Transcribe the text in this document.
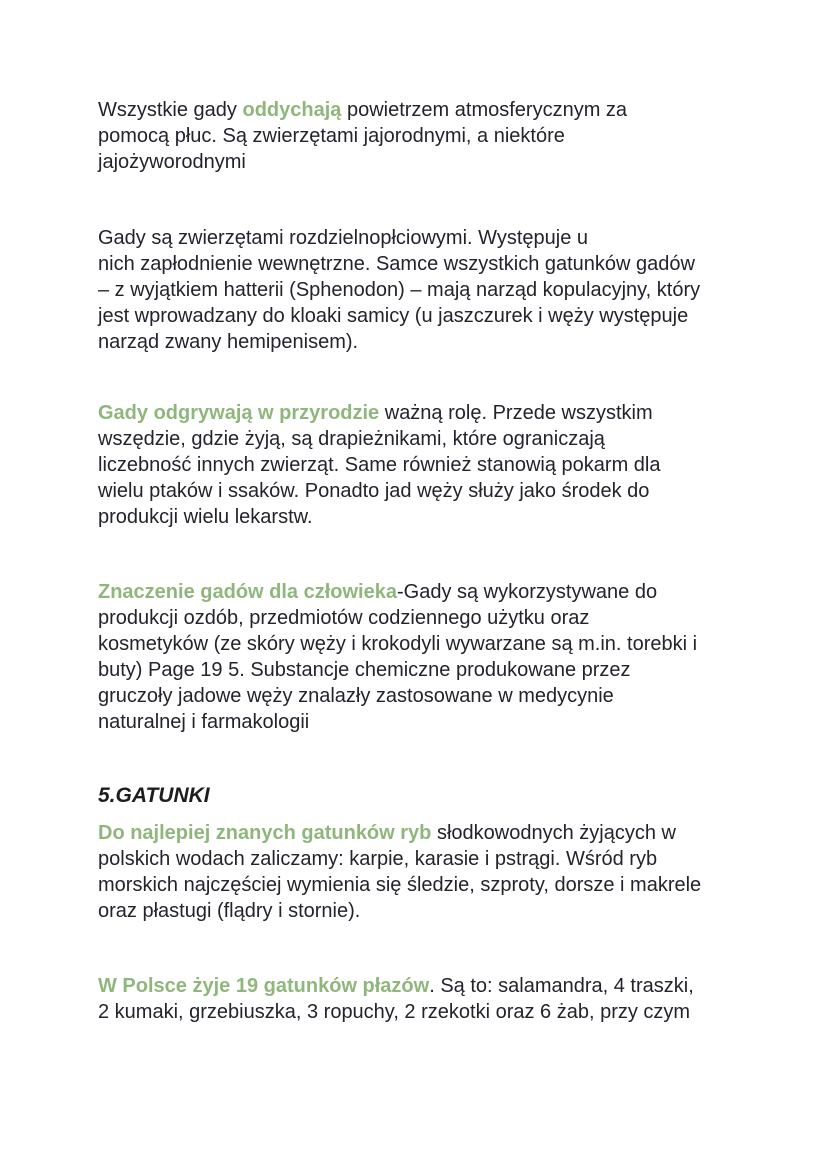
Wszystkie gady oddychają powietrzem atmosferycznym za
pomocą płuc. Są zwierzętami jajorodnymi, a niektóre
jajożyworodnymi
Gady są zwierzętami rozdzielnopłciowymi. Występuje u
nich zapłodnienie wewnętrzne. Samce wszystkich gatunków gadów
– z wyjątkiem hatterii (Sphenodon) – mają narząd kopulacyjny, który
jest wprowadzany do kloaki samicy (u jaszczurek i węży występuje
narząd zwany hemipenisem).
Gady odgrywają w przyrodzie ważną rolę. Przede wszystkim
wszędzie, gdzie żyją, są drapieżnikami, które ograniczają
liczebność innych zwierząt. Same również stanowią pokarm dla
wielu ptaków i ssaków. Ponadto jad węży służy jako środek do
produkcji wielu lekarstw.
Znaczenie gadów dla człowieka-Gady są wykorzystywane do
produkcji ozdób, przedmiotów codziennego użytku oraz
kosmetyków (ze skóry węży i krokodyli wywarzane są m.in. torebki i
buty) Page 19 5. Substancje chemiczne produkowane przez
gruczoły jadowe węży znalazły zastosowane w medycynie
naturalnej i farmakologii
5.GATUNKI
Do najlepiej znanych gatunków ryb słodkowodnych żyjących w
polskich wodach zaliczamy: karpie, karasie i pstrągi. Wśród ryb
morskich najczęściej wymienia się śledzie, szproty, dorsze i makrele
oraz płastugi (flądry i stornie).
W Polsce żyje 19 gatunków płazów. Są to: salamandra, 4 traszki,
2 kumaki, grzebiuszka, 3 ropuchy, 2 rzekotki oraz 6 żab, przy czym
